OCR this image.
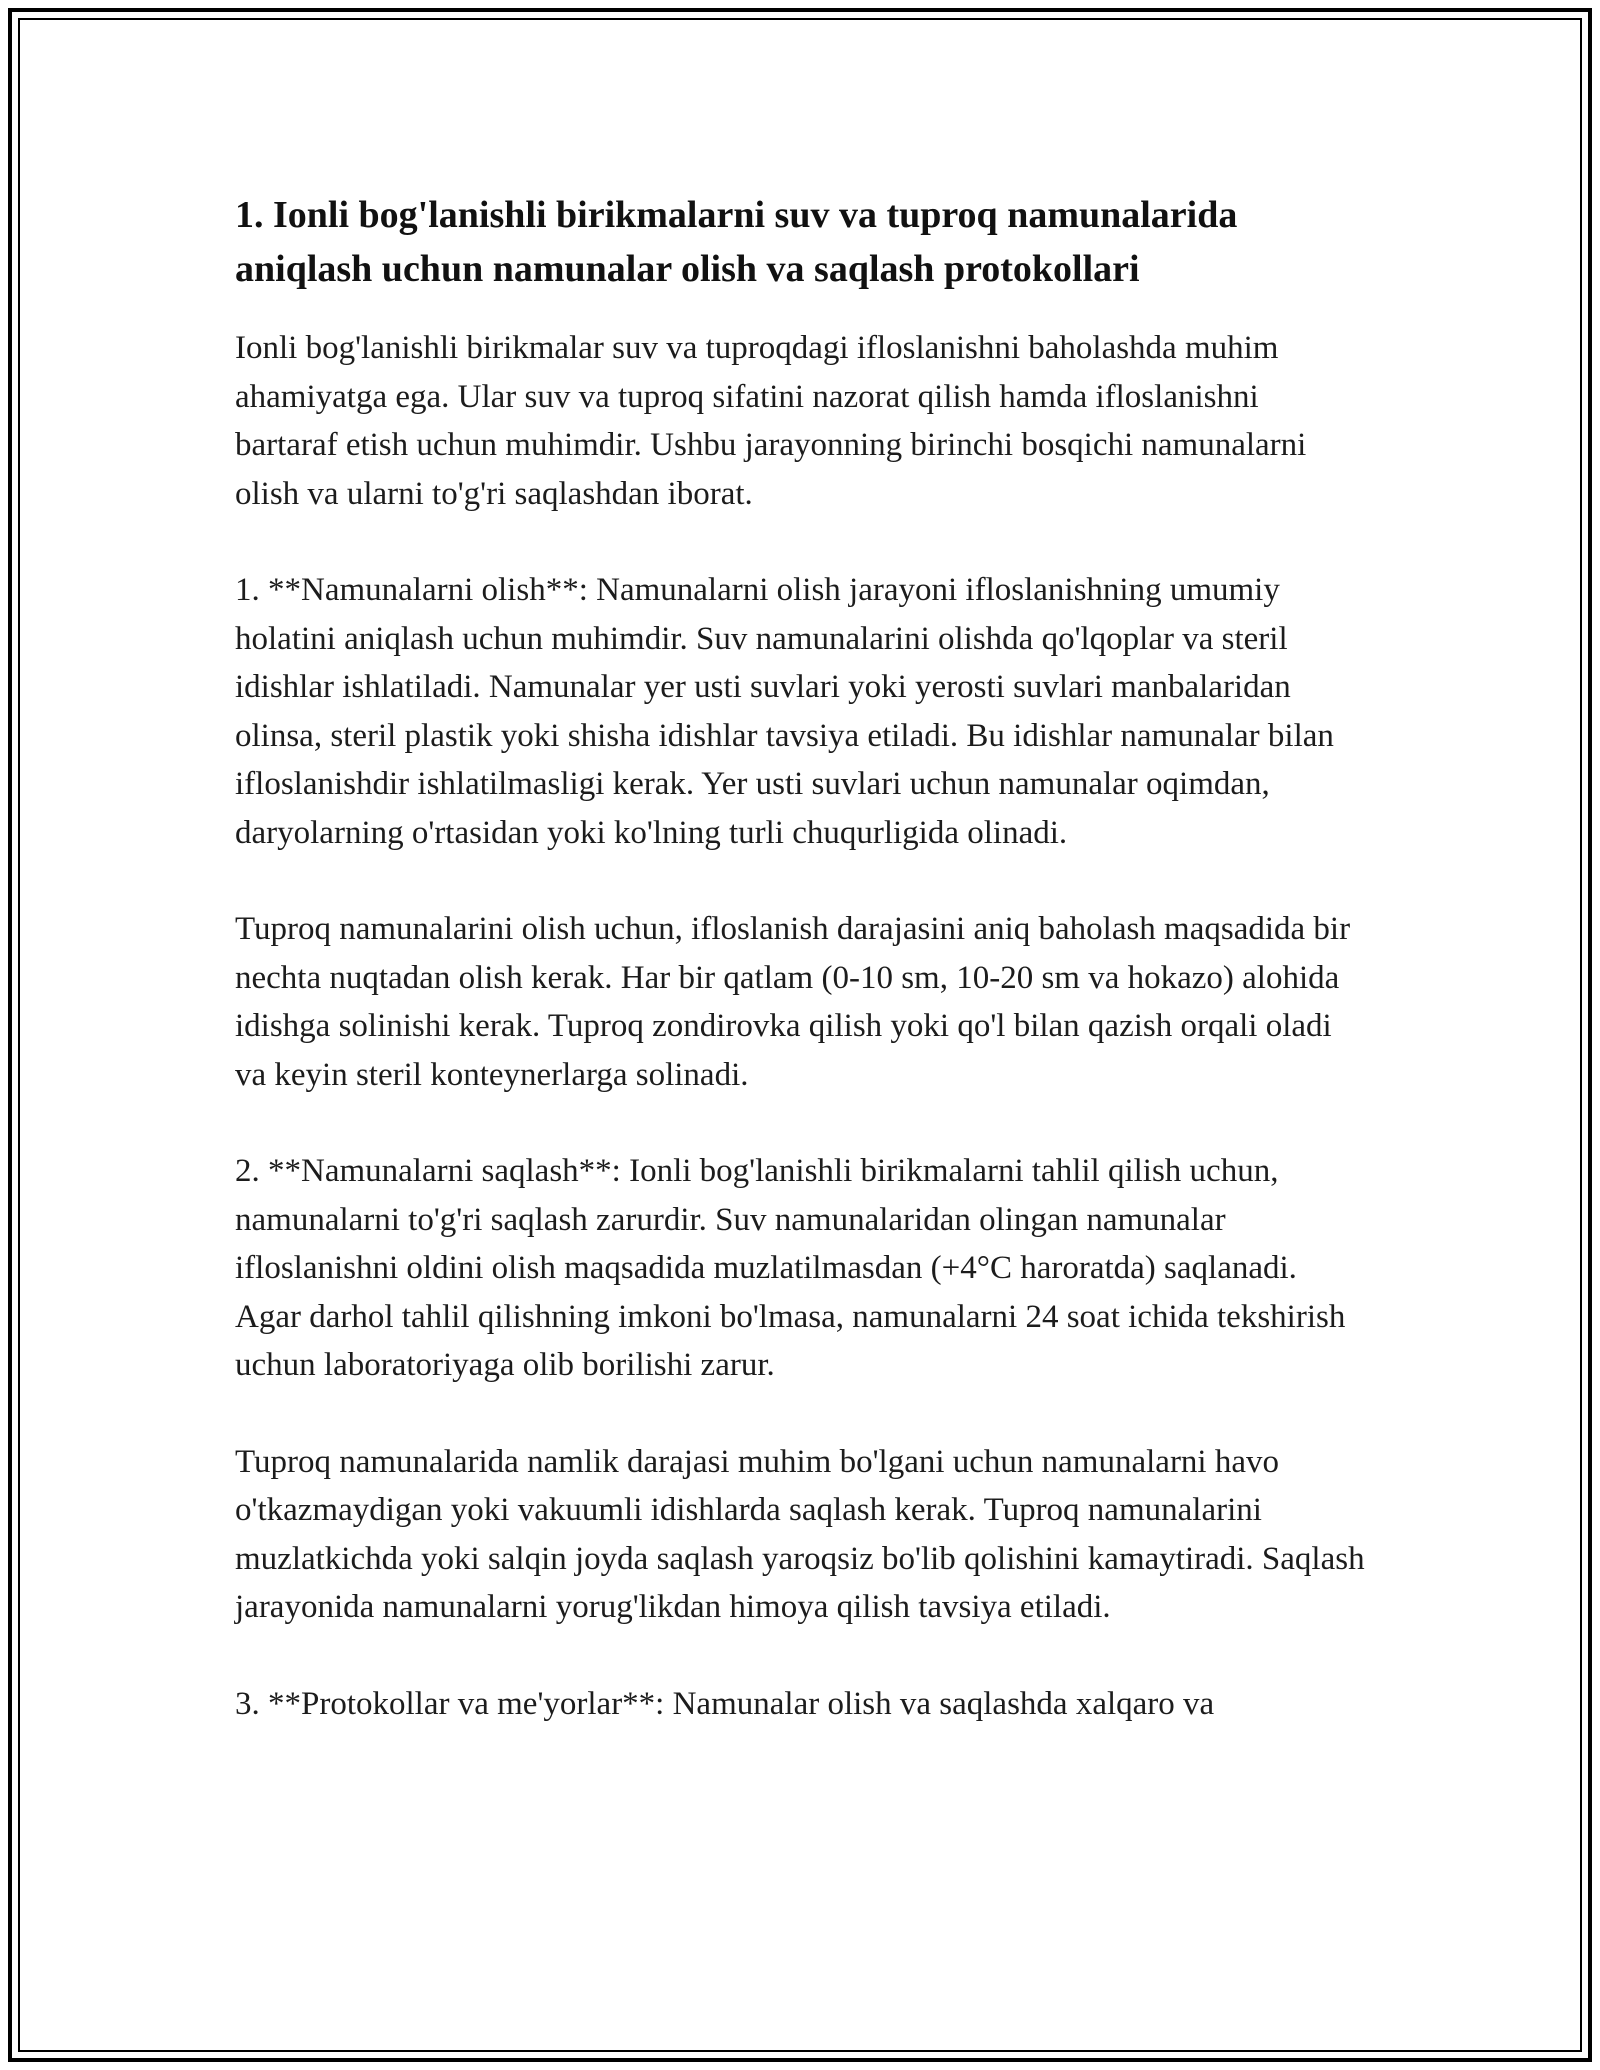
1. Ionli bog'lanishli birikmalarni suv va tuproq namunalarida aniqlash uchun namunalar olish va saqlash protokollari

Ionli bog'lanishli birikmalar suv va tuproqdagi ifloslanishni baholashda muhim ahamiyatga ega. Ular suv va tuproq sifatini nazorat qilish hamda ifloslanishni bartaraf etish uchun muhimdir. Ushbu jarayonning birinchi bosqichi namunalarni olish va ularni to'g'ri saqlashdan iborat.

1. **Namunalarni olish**: Namunalarni olish jarayoni ifloslanishning umumiy holatini aniqlash uchun muhimdir. Suv namunalarini olishda qo'lqoplar va steril idishlar ishlatiladi. Namunalar yer usti suvlari yoki yerosti suvlari manbalaridan olinsa, steril plastik yoki shisha idishlar tavsiya etiladi. Bu idishlar namunalar bilan ifloslanishdir ishlatilmasligi kerak. Yer usti suvlari uchun namunalar oqimdan, daryolarning o'rtasidan yoki ko'lning turli chuqurligida olinadi.

Tuproq namunalarini olish uchun, ifloslanish darajasini aniq baholash maqsadida bir nechta nuqtadan olish kerak. Har bir qatlam (0-10 sm, 10-20 sm va hokazo) alohida idishga solinishi kerak. Tuproq zondirovka qilish yoki qo'l bilan qazish orqali oladi va keyin steril konteynerlarga solinadi.

2. **Namunalarni saqlash**: Ionli bog'lanishli birikmalarni tahlil qilish uchun, namunalarni to'g'ri saqlash zarurdir. Suv namunalaridan olingan namunalar ifloslanishni oldini olish maqsadida muzlatilmasdan (+4°C haroratda) saqlanadi. Agar darhol tahlil qilishning imkoni bo'lmasa, namunalarni 24 soat ichida tekshirish uchun laboratoriyaga olib borilishi zarur.

Tuproq namunalarida namlik darajasi muhim bo'lgani uchun namunalarni havo o'tkazmaydigan yoki vakuumli idishlarda saqlash kerak. Tuproq namunalarini muzlatkichda yoki salqin joyda saqlash yaroqsiz bo'lib qolishini kamaytiradi. Saqlash jarayonida namunalarni yorug'likdan himoya qilish tavsiya etiladi.

3. **Protokollar va me'yorlar**: Namunalar olish va saqlashda xalqaro va
